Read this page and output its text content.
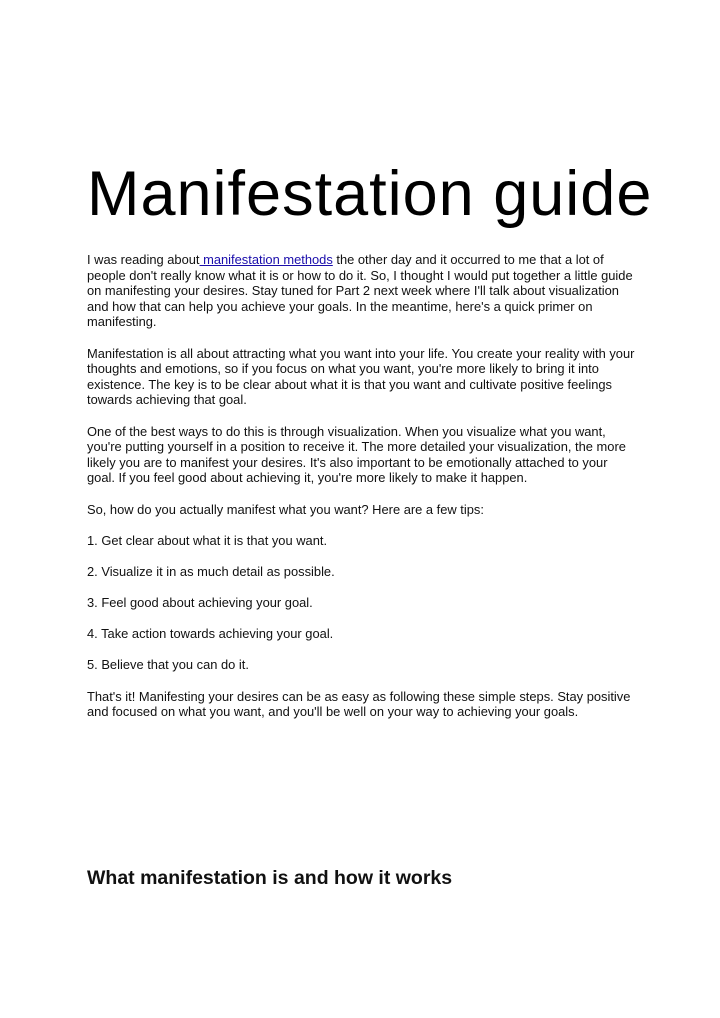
Manifestation guide

I was reading about manifestation methods the other day and it occurred to me that a lot of people don't really know what it is or how to do it. So, I thought I would put together a little guide on manifesting your desires. Stay tuned for Part 2 next week where I'll talk about visualization and how that can help you achieve your goals. In the meantime, here's a quick primer on manifesting.

Manifestation is all about attracting what you want into your life. You create your reality with your thoughts and emotions, so if you focus on what you want, you're more likely to bring it into existence. The key is to be clear about what it is that you want and cultivate positive feelings towards achieving that goal.

One of the best ways to do this is through visualization. When you visualize what you want, you're putting yourself in a position to receive it. The more detailed your visualization, the more likely you are to manifest your desires. It's also important to be emotionally attached to your goal. If you feel good about achieving it, you're more likely to make it happen.

So, how do you actually manifest what you want? Here are a few tips:

1. Get clear about what it is that you want.

2. Visualize it in as much detail as possible.

3. Feel good about achieving your goal.

4. Take action towards achieving your goal.

5. Believe that you can do it.

That's it! Manifesting your desires can be as easy as following these simple steps. Stay positive and focused on what you want, and you'll be well on your way to achieving your goals.

What manifestation is and how it works
